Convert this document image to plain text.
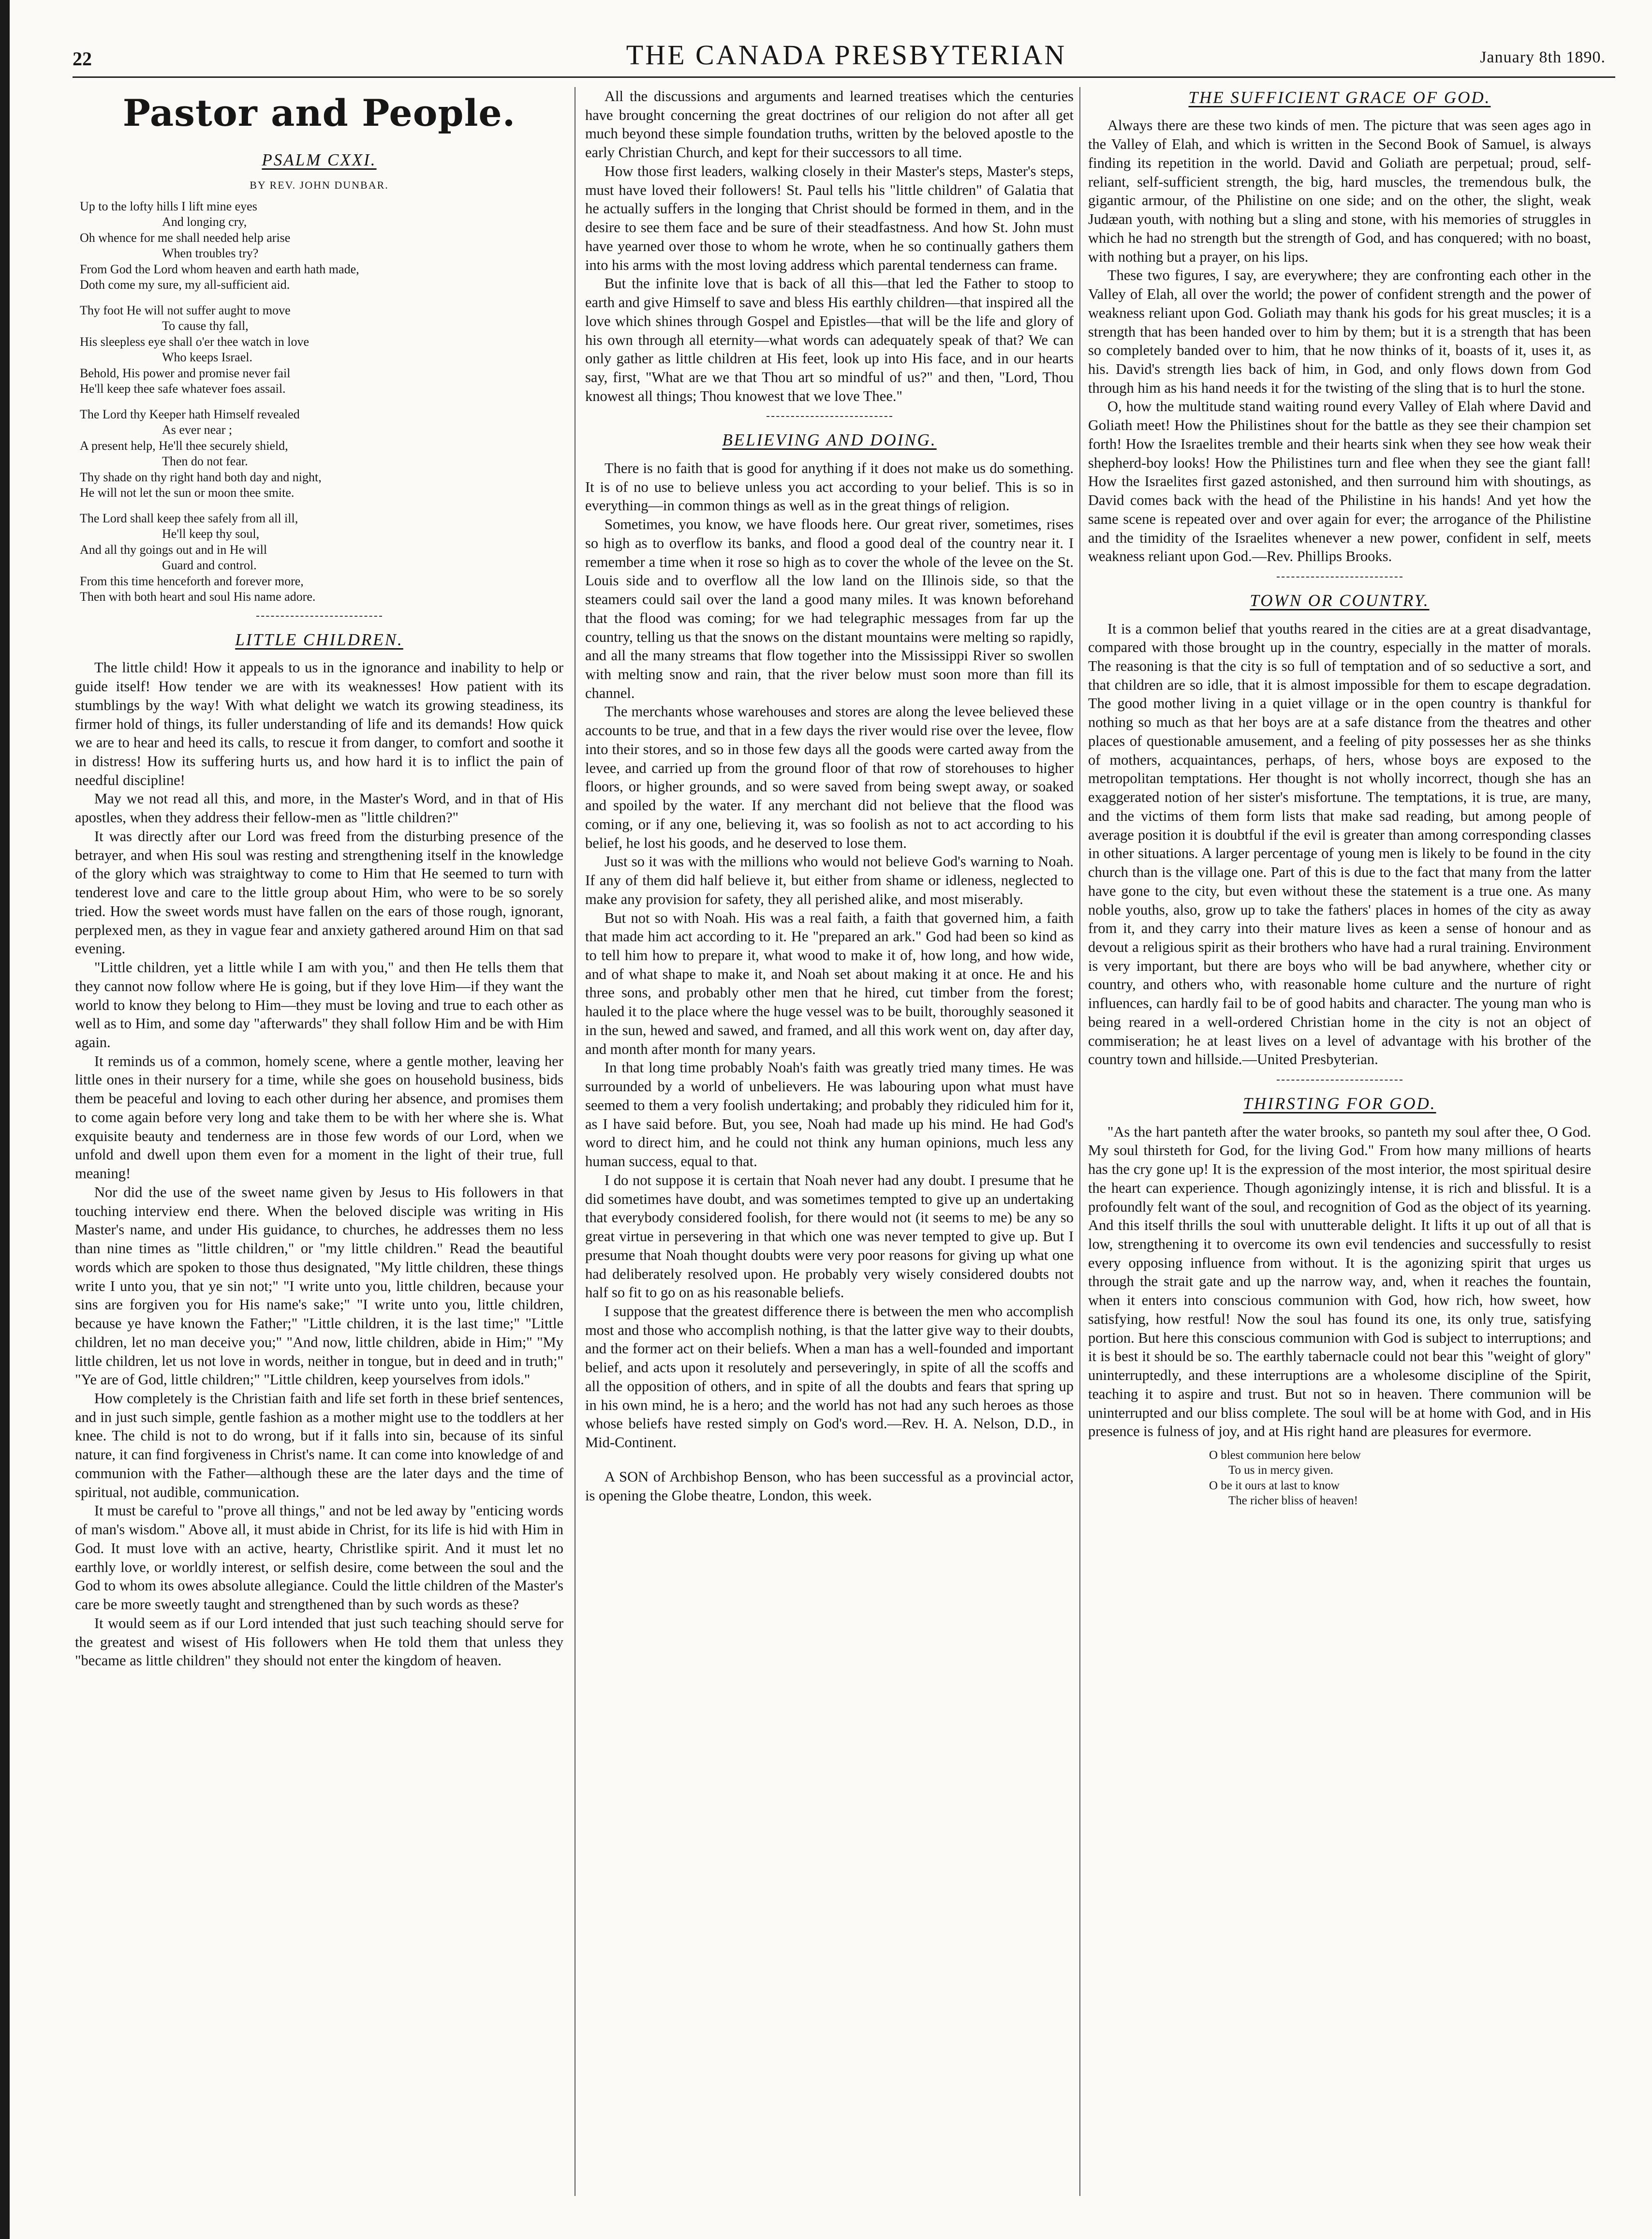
22	THE CANADA PRESBYTERIAN	January 8th 1890.
Pastor and People.
PSALM CXXI.
BY REV. JOHN DUNBAR.
Up to the lofty hills I lift mine eyes
And longing cry,
Oh whence for me shall needed help arise
When troubles try?
From God the Lord whom heaven and earth hath made,
Doth come my sure, my all-sufficient aid.
Thy foot He will not suffer aught to move
To cause thy fall,
His sleepless eye shall o'er thee watch in love
Who keeps Israel.
Behold, His power and promise never fail
He'll keep thee safe whatever foes assail.
The Lord thy Keeper hath Himself revealed
As ever near ;
A present help, He'll thee securely shield,
Then do not fear.
Thy shade on thy right hand both day and night,
He will not let the sun or moon thee smite.
The Lord shall keep thee safely from all ill,
He'll keep thy soul,
And all thy goings out and in He will
Guard and control.
From this time henceforth and forever more,
Then with both heart and soul His name adore.
LITTLE CHILDREN.

The little child! How it appeals to us in the ignorance and inability to help or guide itself! How tender we are with its weaknesses! How patient with its stumblings by the way! With what delight we watch its growing steadiness, its firmer hold of things, its fuller understanding of life and its demands! How quick we are to hear and heed its calls, to rescue it from danger, to comfort and soothe it in distress! How its suffering hurts us, and how hard it is to inflict the pain of needful discipline!

May we not read all this, and more, in the Master's Word, and in that of His apostles, when they address their fellow-men as "little children?"

It was directly after our Lord was freed from the disturbing presence of the betrayer, and when His soul was resting and strengthening itself in the knowledge of the glory which was straightway to come to Him that He seemed to turn with tenderest love and care to the little group about Him, who were to be so sorely tried. How the sweet words must have fallen on the ears of those rough, ignorant, perplexed men, as they in vague fear and anxiety gathered around Him on that sad evening.

"Little children, yet a little while I am with you," and then He tells them that they cannot now follow where He is going, but if they love Him—if they want the world to know they belong to Him—they must be loving and true to each other as well as to Him, and some day "afterwards" they shall follow Him and be with Him again.

It reminds us of a common, homely scene, where a gentle mother, leaving her little ones in their nursery for a time, while she goes on household business, bids them be peaceful and loving to each other during her absence, and promises them to come again before very long and take them to be with her where she is. What exquisite beauty and tenderness are in those few words of our Lord, when we unfold and dwell upon them even for a moment in the light of their true, full meaning!

Nor did the use of the sweet name given by Jesus to His followers in that touching interview end there. When the beloved disciple was writing in His Master's name, and under His guidance, to churches, he addresses them no less than nine times as "little children," or "my little children." Read the beautiful words which are spoken to those thus designated, "My little children, these things write I unto you, that ye sin not;" "I write unto you, little children, because your sins are forgiven you for His name's sake;" "I write unto you, little children, because ye have known the Father;" "Little children, it is the last time;" "Little children, let no man deceive you;" "And now, little children, abide in Him;" "My little children, let us not love in words, neither in tongue, but in deed and in truth;" "Ye are of God, little children;" "Little children, keep yourselves from idols."

How completely is the Christian faith and life set forth in these brief sentences, and in just such simple, gentle fashion as a mother might use to the toddlers at her knee. The child is not to do wrong, but if it falls into sin, because of its sinful nature, it can find forgiveness in Christ's name. It can come into knowledge of and communion with the Father—although these are the later days and the time of spiritual, not audible, communication.

It must be careful to "prove all things," and not be led away by "enticing words of man's wisdom." Above all, it must abide in Christ, for its life is hid with Him in God. It must love with an active, hearty, Christlike spirit. And it must let no earthly love, or worldly interest, or selfish desire, come between the soul and the God to whom its owes absolute allegiance. Could the little children of the Master's care be more sweetly taught and strengthened than by such words as these?

It would seem as if our Lord intended that just such teaching should serve for the greatest and wisest of His followers when He told them that unless they "became as little children" they should not enter the kingdom of heaven.

All the discussions and arguments and learned treatises which the centuries have brought concerning the great doctrines of our religion do not after all get much beyond these simple foundation truths, written by the beloved apostle to the early Christian Church, and kept for their successors to all time.

How those first leaders, walking closely in their Master's steps, Master's steps, must have loved their followers! St. Paul tells his "little children" of Galatia that he actually suffers in the longing that Christ should be formed in them, and in the desire to see them face and be sure of their steadfastness. And how St. John must have yearned over those to whom he wrote, when he so continually gathers them into his arms with the most loving address which parental tenderness can frame.

But the infinite love that is back of all this—that led the Father to stoop to earth and give Himself to save and bless His earthly children—that inspired all the love which shines through Gospel and Epistles—that will be the life and glory of his own through all eternity—what words can adequately speak of that? We can only gather as little children at His feet, look up into His face, and in our hearts say, first, "What are we that Thou art so mindful of us?" and then, "Lord, Thou knowest all things; Thou knowest that we love Thee."

BELIEVING AND DOING.

There is no faith that is good for anything if it does not make us do something. It is of no use to believe unless you act according to your belief. This is so in everything—in common things as well as in the great things of religion.

Sometimes, you know, we have floods here. Our great river, sometimes, rises so high as to overflow its banks, and flood a good deal of the country near it. I remember a time when it rose so high as to cover the whole of the levee on the St. Louis side and to overflow all the low land on the Illinois side, so that the steamers could sail over the land a good many miles. It was known beforehand that the flood was coming; for we had telegraphic messages from far up the country, telling us that the snows on the distant mountains were melting so rapidly, and all the many streams that flow together into the Mississippi River so swollen with melting snow and rain, that the river below must soon more than fill its channel.

The merchants whose warehouses and stores are along the levee believed these accounts to be true, and that in a few days the river would rise over the levee, flow into their stores, and so in those few days all the goods were carted away from the levee, and carried up from the ground floor of that row of storehouses to higher floors, or higher grounds, and so were saved from being swept away, or soaked and spoiled by the water. If any merchant did not believe that the flood was coming, or if any one, believing it, was so foolish as not to act according to his belief, he lost his goods, and he deserved to lose them.

Just so it was with the millions who would not believe God's warning to Noah. If any of them did half believe it, but either from shame or idleness, neglected to make any provision for safety, they all perished alike, and most miserably.

But not so with Noah. His was a real faith, a faith that governed him, a faith that made him act according to it. He "prepared an ark." God had been so kind as to tell him how to prepare it, what wood to make it of, how long, and how wide, and of what shape to make it, and Noah set about making it at once. He and his three sons, and probably other men that he hired, cut timber from the forest; hauled it to the place where the huge vessel was to be built, thoroughly seasoned it in the sun, hewed and sawed, and framed, and all this work went on, day after day, and month after month for many years.

In that long time probably Noah's faith was greatly tried many times. He was surrounded by a world of unbelievers. He was labouring upon what must have seemed to them a very foolish undertaking; and probably they ridiculed him for it, as I have said before. But, you see, Noah had made up his mind. He had God's word to direct him, and he could not think any human opinions, much less any human success, equal to that.

I do not suppose it is certain that Noah never had any doubt. I presume that he did sometimes have doubt, and was sometimes tempted to give up an undertaking that everybody considered foolish, for there would not (it seems to me) be any so great virtue in persevering in that which one was never tempted to give up. But I presume that Noah thought doubts were very poor reasons for giving up what one had deliberately resolved upon. He probably very wisely considered doubts not half so fit to go on as his reasonable beliefs.

I suppose that the greatest difference there is between the men who accomplish most and those who accomplish nothing, is that the latter give way to their doubts, and the former act on their beliefs. When a man has a well-founded and important belief, and acts upon it resolutely and perseveringly, in spite of all the scoffs and all the opposition of others, and in spite of all the doubts and fears that spring up in his own mind, he is a hero; and the world has not had any such heroes as those whose beliefs have rested simply on God's word.—Rev. H. A. Nelson, D.D., in Mid-Continent.

A SON of Archbishop Benson, who has been successful as a provincial actor, is opening the Globe theatre, London, this week.

THE SUFFICIENT GRACE OF GOD.

Always there are these two kinds of men. The picture that was seen ages ago in the Valley of Elah, and which is written in the Second Book of Samuel, is always finding its repetition in the world. David and Goliath are perpetual; proud, self-reliant, self-sufficient strength, the big, hard muscles, the tremendous bulk, the gigantic armour, of the Philistine on one side; and on the other, the slight, weak Judæan youth, with nothing but a sling and stone, with his memories of struggles in which he had no strength but the strength of God, and has conquered; with no boast, with nothing but a prayer, on his lips.

These two figures, I say, are everywhere; they are confronting each other in the Valley of Elah, all over the world; the power of confident strength and the power of weakness reliant upon God. Goliath may thank his gods for his great muscles; it is a strength that has been handed over to him by them; but it is a strength that has been so completely banded over to him, that he now thinks of it, boasts of it, uses it, as his. David's strength lies back of him, in God, and only flows down from God through him as his hand needs it for the twisting of the sling that is to hurl the stone.

O, how the multitude stand waiting round every Valley of Elah where David and Goliath meet! How the Philistines shout for the battle as they see their champion set forth! How the Israelites tremble and their hearts sink when they see how weak their shepherd-boy looks! How the Philistines turn and flee when they see the giant fall! How the Israelites first gazed astonished, and then surround him with shoutings, as David comes back with the head of the Philistine in his hands! And yet how the same scene is repeated over and over again for ever; the arrogance of the Philistine and the timidity of the Israelites whenever a new power, confident in self, meets weakness reliant upon God.—Rev. Phillips Brooks.

TOWN OR COUNTRY.

It is a common belief that youths reared in the cities are at a great disadvantage, compared with those brought up in the country, especially in the matter of morals. The reasoning is that the city is so full of temptation and of so seductive a sort, and that children are so idle, that it is almost impossible for them to escape degradation. The good mother living in a quiet village or in the open country is thankful for nothing so much as that her boys are at a safe distance from the theatres and other places of questionable amusement, and a feeling of pity possesses her as she thinks of mothers, acquaintances, perhaps, of hers, whose boys are exposed to the metropolitan temptations. Her thought is not wholly incorrect, though she has an exaggerated notion of her sister's misfortune. The temptations, it is true, are many, and the victims of them form lists that make sad reading, but among people of average position it is doubtful if the evil is greater than among corresponding classes in other situations. A larger percentage of young men is likely to be found in the city church than is the village one. Part of this is due to the fact that many from the latter have gone to the city, but even without these the statement is a true one. As many noble youths, also, grow up to take the fathers' places in homes of the city as away from it, and they carry into their mature lives as keen a sense of honour and as devout a religious spirit as their brothers who have had a rural training. Environment is very important, but there are boys who will be bad anywhere, whether city or country, and others who, with reasonable home culture and the nurture of right influences, can hardly fail to be of good habits and character. The young man who is being reared in a well-ordered Christian home in the city is not an object of commiseration; he at least lives on a level of advantage with his brother of the country town and hillside.—United Presbyterian.

THIRSTING FOR GOD.

"As the hart panteth after the water brooks, so panteth my soul after thee, O God. My soul thirsteth for God, for the living God." From how many millions of hearts has the cry gone up! It is the expression of the most interior, the most spiritual desire the heart can experience. Though agonizingly intense, it is rich and blissful. It is a profoundly felt want of the soul, and recognition of God as the object of its yearning. And this itself thrills the soul with unutterable delight. It lifts it up out of all that is low, strengthening it to overcome its own evil tendencies and successfully to resist every opposing influence from without. It is the agonizing spirit that urges us through the strait gate and up the narrow way, and, when it reaches the fountain, when it enters into conscious communion with God, how rich, how sweet, how satisfying, how restful! Now the soul has found its one, its only true, satisfying portion. But here this conscious communion with God is subject to interruptions; and it is best it should be so. The earthly tabernacle could not bear this "weight of glory" uninterruptedly, and these interruptions are a wholesome discipline of the Spirit, teaching it to aspire and trust. But not so in heaven. There communion will be uninterrupted and our bliss complete. The soul will be at home with God, and in His presence is fulness of joy, and at His right hand are pleasures for evermore.

O blest communion here below
To us in mercy given.
O be it ours at last to know
The richer bliss of heaven!
